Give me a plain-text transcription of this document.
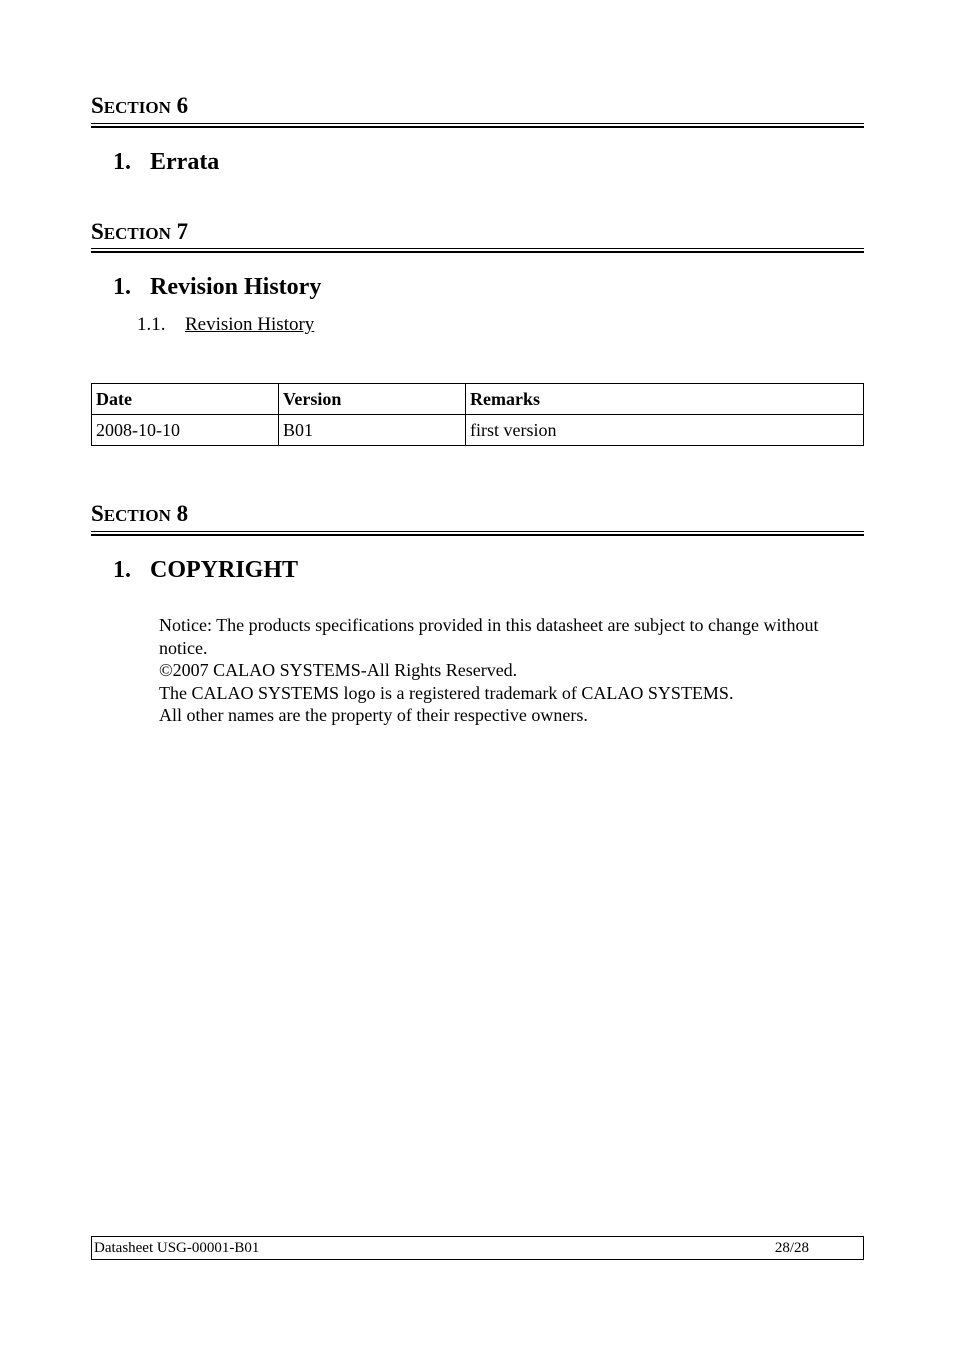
SECTION 6
1. Errata
SECTION 7
1. Revision History
1.1. Revision History
Date	Version	Remarks
2008-10-10	B01	first version
SECTION 8
1. COPYRIGHT

Notice: The products specifications provided in this datasheet are subject to change without notice.

©2007 CALAO SYSTEMS-All Rights Reserved.

The CALAO SYSTEMS logo is a registered trademark of CALAO SYSTEMS.

All other names are the property of their respective owners.

Datasheet USG-00001-B01	28/28
